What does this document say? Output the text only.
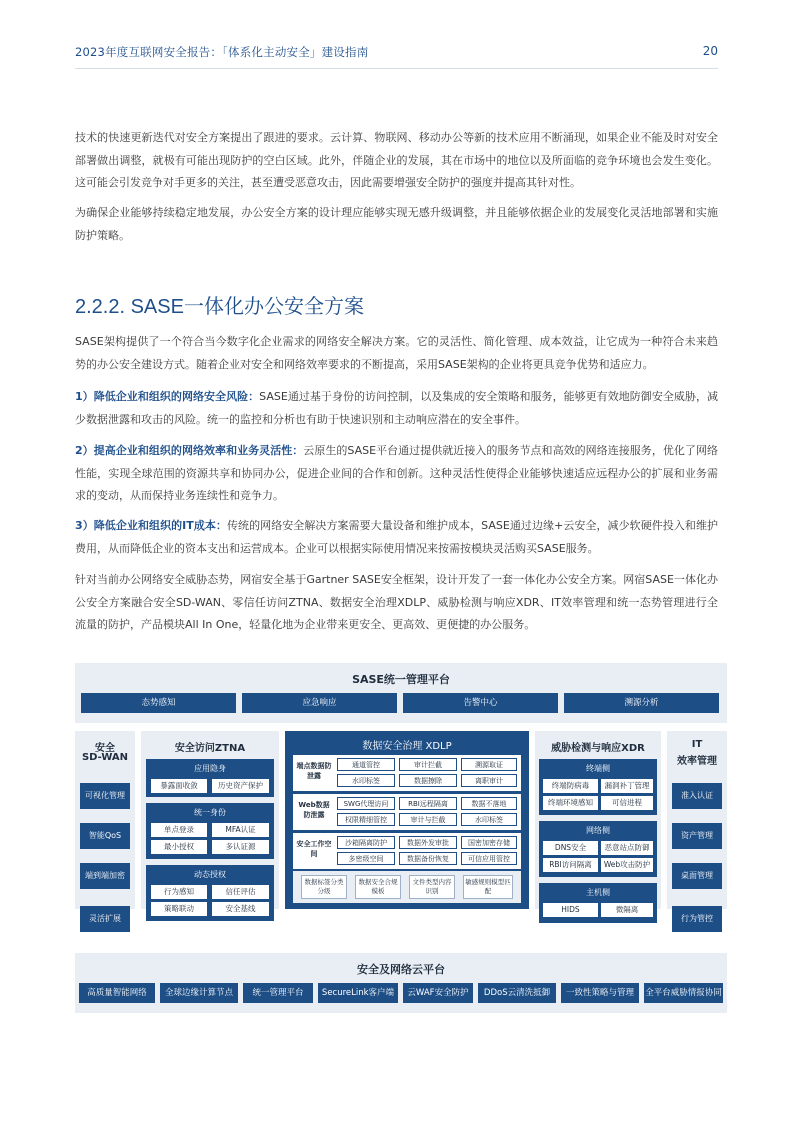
2023年度互联网安全报告：「体系化主动安全」建设指南	20
技术的快速更新迭代对安全方案提出了跟进的要求。云计算、物联网、移动办公等新的技术应用不断涌现，如果企业不能及时对安全部署做出调整，就极有可能出现防护的空白区域。此外，伴随企业的发展，其在市场中的地位以及所面临的竞争环境也会发生变化。这可能会引发竞争对手更多的关注，甚至遭受恶意攻击，因此需要增强安全防护的强度并提高其针对性。
为确保企业能够持续稳定地发展，办公安全方案的设计理应能够实现无感升级调整，并且能够依据企业的发展变化灵活地部署和实施防护策略。
2.2.2. SASE一体化办公安全方案
SASE架构提供了一个符合当今数字化企业需求的网络安全解决方案。它的灵活性、简化管理、成本效益，让它成为一种符合未来趋势的办公安全建设方式。随着企业对安全和网络效率要求的不断提高，采用SASE架构的企业将更具竞争优势和适应力。
1）降低企业和组织的网络安全风险：SASE通过基于身份的访问控制，以及集成的安全策略和服务，能够更有效地防御安全威胁，减少数据泄露和攻击的风险。统一的监控和分析也有助于快速识别和主动响应潜在的安全事件。
2）提高企业和组织的网络效率和业务灵活性：云原生的SASE平台通过提供就近接入的服务节点和高效的网络连接服务，优化了网络性能，实现全球范围的资源共享和协同办公，促进企业间的合作和创新。这种灵活性使得企业能够快速适应远程办公的扩展和业务需求的变动，从而保持业务连续性和竞争力。
3）降低企业和组织的IT成本：传统的网络安全解决方案需要大量设备和维护成本，SASE通过边缘+云安全，减少软硬件投入和维护费用，从而降低企业的资本支出和运营成本。企业可以根据实际使用情况来按需按模块灵活购买SASE服务。
针对当前办公网络安全威胁态势，网宿安全基于Gartner SASE安全框架，设计开发了一套一体化办公安全方案。网宿SASE一体化办公安全方案融合安全SD-WAN、零信任访问ZTNA、数据安全治理XDLP、威胁检测与响应XDR、IT效率管理和统一态势管理进行全流量的防护，产品模块All In One，轻量化地为企业带来更安全、更高效、更便捷的办公服务。
SASE统一管理平台
态势感知	应急响应	告警中心	溯源分析
安全
SD-WAN
可视化管理
智能QoS
端到端加密
安全访问ZTNA
应用隐身
暴露面收敛	历史资产保护
统一身份
单点登录	MFA认证
最小授权	多认证源
动态授权
行为感知	信任评估
策略联动	安全基线
数据安全治理 XDLP
端点数据防泄露
通道管控	审计拦截	溯源取证
水印标签	数据擦除	离职审计
Web数据防泄露
SWG代理访问	RBI远程隔离	数据不落地
权限精细管控	审计与拦截	水印标签
安全工作空间
沙箱隔离防护	数据外发审批	国密加密存储
多密级空间	数据备份恢复	可信应用管控
数据标签分类分级
数据安全合规模板
文件类型内容识别
敏感规则模型匹配
威胁检测与响应XDR
终端侧
终端防病毒	漏洞补丁管理
终端环境感知	可信进程
网络侧
DNS安全	恶意站点防御
RBI访问隔离	Web攻击防护
主机侧
HIDS	微隔离
IT
效率管理
准入认证
资产管理
桌面管理
灵活扩展	行为管控
安全及网络云平台
高质量智能网络	全球边缘计算节点	统一管理平台	SecureLink客户端	云WAF安全防护	DDoS云清洗抵御	一致性策略与管理	全平台威胁情报协同
